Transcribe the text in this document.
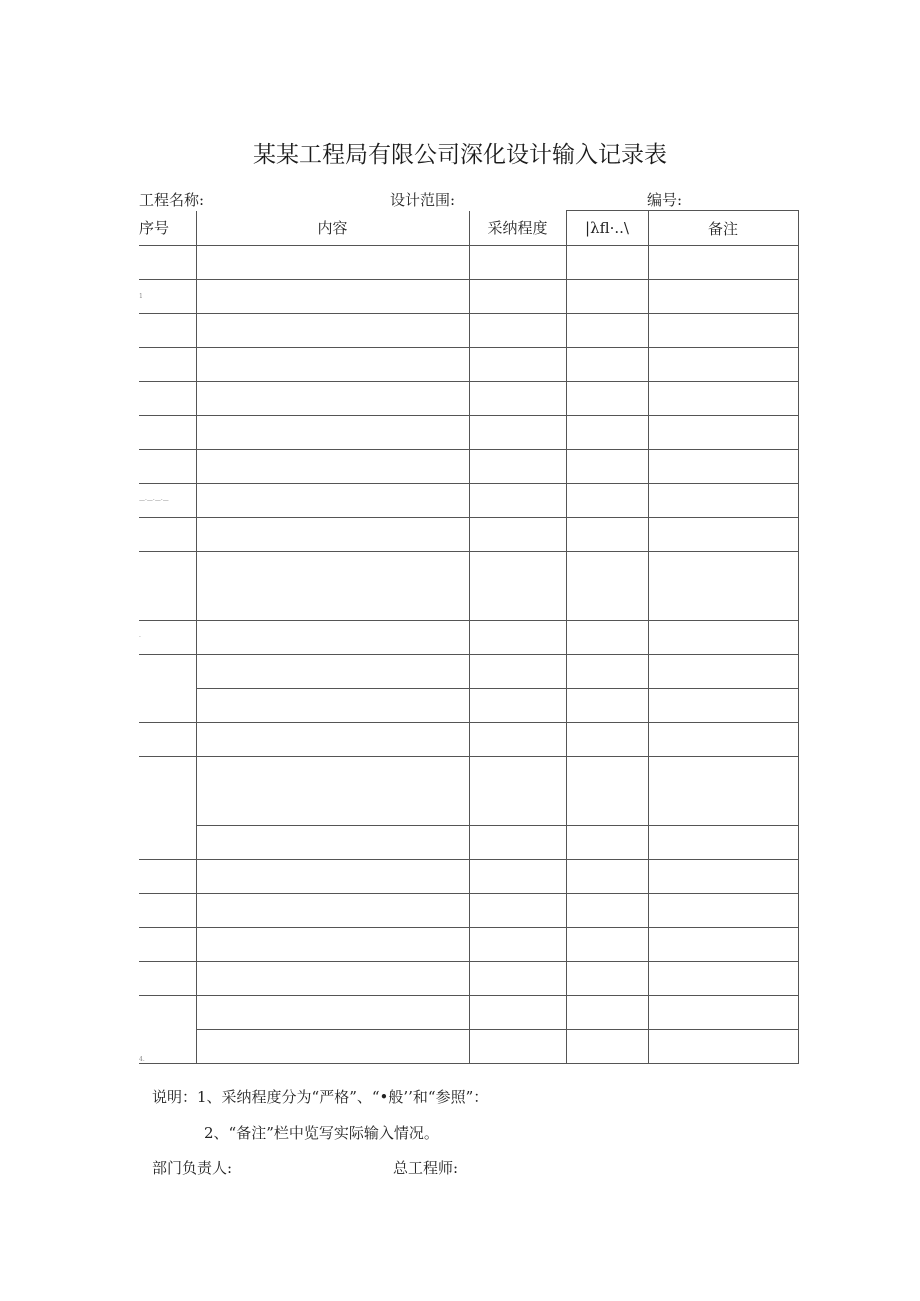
某某工程局有限公司深化设计输入记录表
工程名称:	设计范围:	编号:
序号	内容	采纳程度	|λfl·..\	备注

1				

—·—·—·—				

·				

4.				

说明：1、采纳程度分为“严格”、“•般’’和“参照”：
2、“备注”栏中览写实际输入情况。
部门负责人:	总工程师:
